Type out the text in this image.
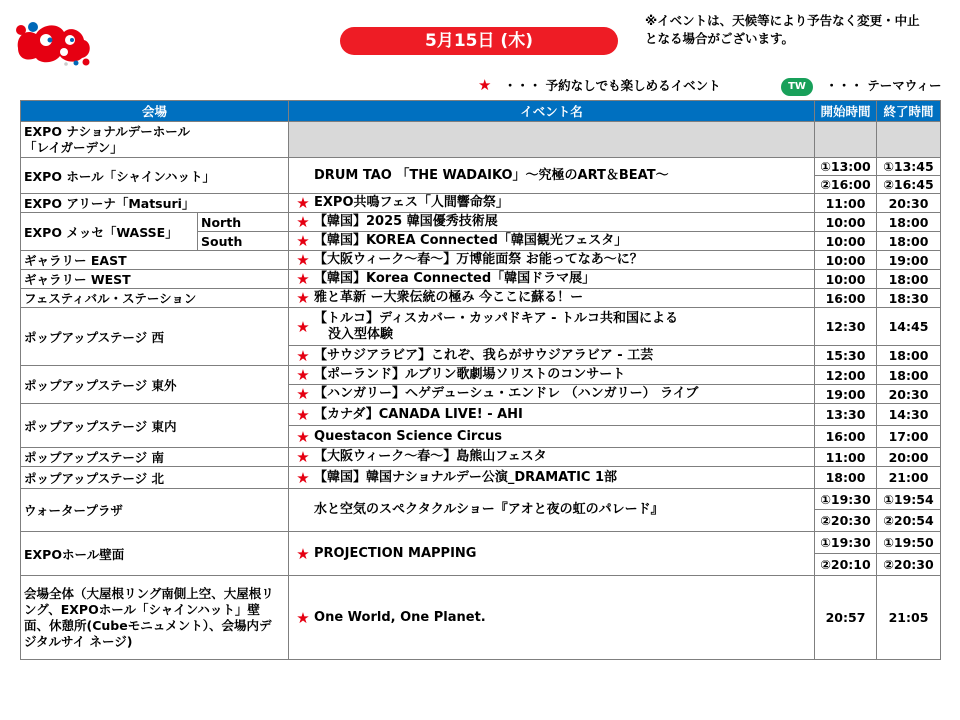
5月15日 (木)
※イベントは、天候等により予告なく変更・中止
となる場合がございます。
★ ・・・ 予約なしでも楽しめるイベント	TW ・・・ テーマウィー
会場		イベント名	開始時間	終了時間

EXPO ナショナルデーホール
「レイガーデン」				

EXPO ホール「シャインハット」		DRUM TAO 「THE WADAIKO」〜究極のART＆BEAT〜	①13:00	①13:45
			②16:00	②16:45
EXPO アリーナ「Matsuri」		★ EXPO共鳴フェス「人間響命祭」	11:00	20:30
EXPO メッセ「WASSE」	North	★ 【韓国】2025 韓国優秀技術展	10:00	18:00
	South	★ 【韓国】KOREA Connected「韓国観光フェスタ」	10:00	18:00
ギャラリー EAST		★ 【大阪ウィーク〜春〜】万博能面祭 お能ってなあ〜に？	10:00	19:00
ギャラリー WEST		★ 【韓国】Korea Connected「韓国ドラマ展」	10:00	18:00
フェスティバル・ステーション		★ 雅と革新 ー大衆伝統の極み 今ここに蘇る！ー	16:00	18:30
ポップアップステージ 西		★ 【トルコ】ディスカバー・カッパドキア - トルコ共和国による
没入型体験	12:30	14:45

		★ 【サウジアラビア】これぞ、我らがサウジアラビア - 工芸	15:30	18:00
ポップアップステージ 東外		★ 【ポーランド】ルブリン歌劇場ソリストのコンサート	12:00	18:00

		★ 【ハンガリー】ヘゲデューシュ・エンドレ （ハンガリー） ライブ	19:00	20:30
ポップアップステージ 東内		★ 【カナダ】CANADA LIVE! - AHI	13:30	14:30

		★ Questacon Science Circus	16:00	17:00
ポップアップステージ 南		★ 【大阪ウィーク〜春〜】島熊山フェスタ	11:00	20:00
ポップアップステージ 北		★ 【韓国】韓国ナショナルデー公演_DRAMATIC 1部	18:00	21:00
ウォータープラザ		水と空気のスペクタクルショー『アオと夜の虹のパレード』	①19:30	①19:54
			②20:30	②20:54
EXPOホール壁面		★ PROJECTION MAPPING	①19:30	①19:50
			②20:10	②20:30
会場全体（大屋根リング南側上空、大屋根リング、EXPOホール「シャインハット」壁面、休憩所(Cubeモニュメント）、会場内デジタルサイ ネージ)		★ One World, One Planet.	20:57	21:05
